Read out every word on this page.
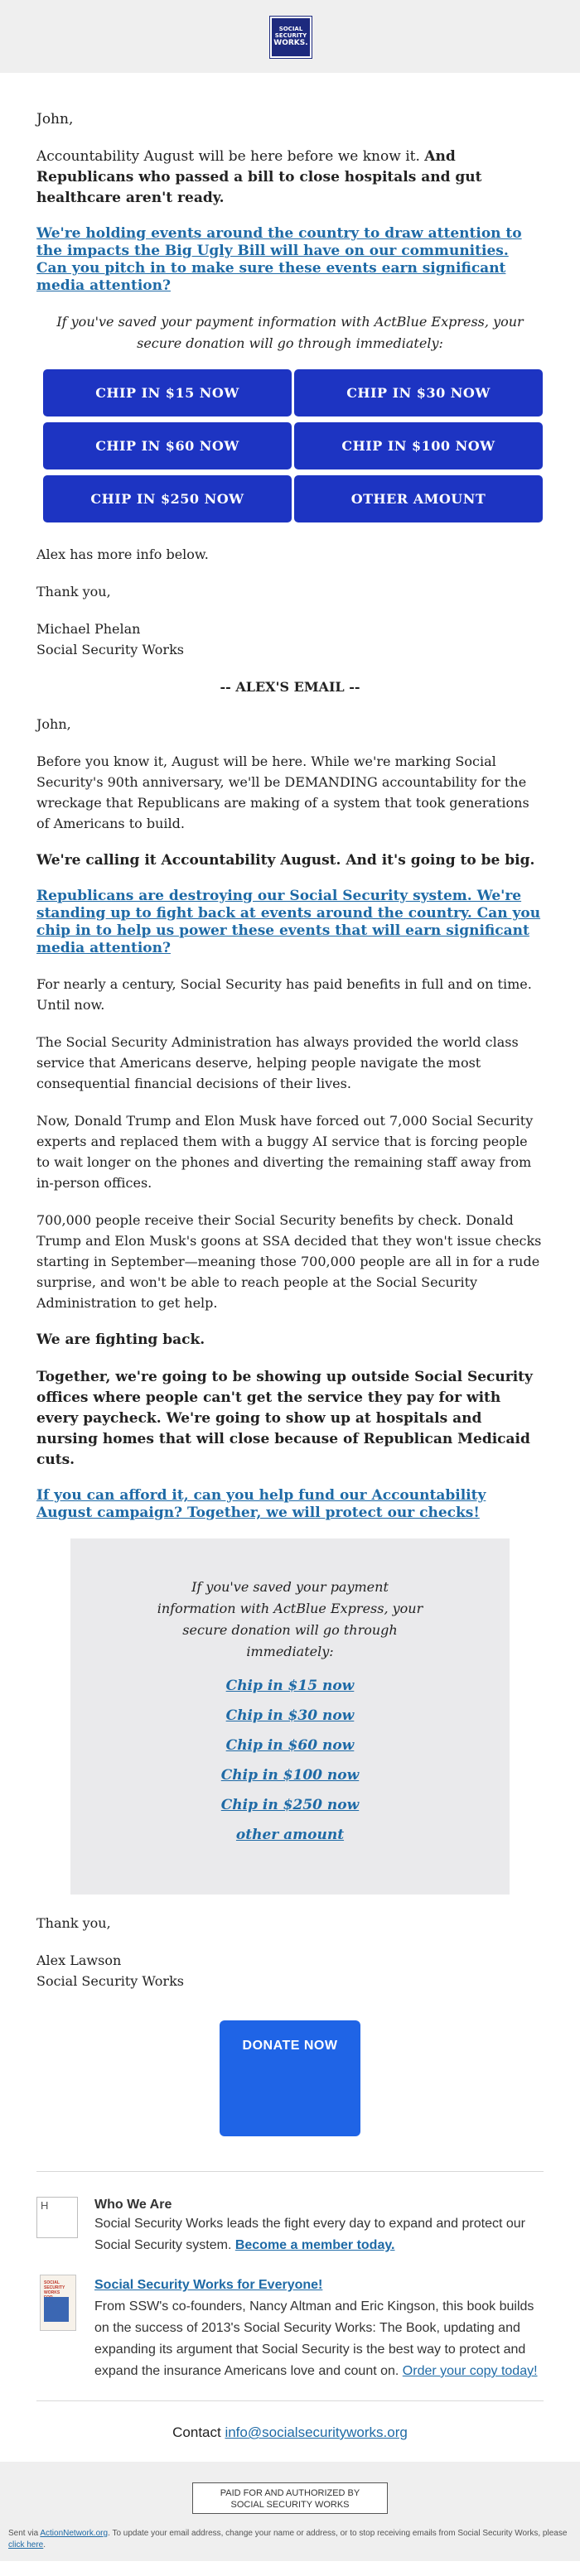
SOCIAL
SECURITY
WORKS.

John,

Accountability August will be here before we know it. And Republicans who passed a bill to close hospitals and gut healthcare aren't ready.

We're holding events around the country to draw attention to the impacts the Big Ugly Bill will have on our communities. Can you pitch in to make sure these events earn significant media attention?

If you've saved your payment information with ActBlue Express, your secure donation will go through immediately:

CHIP IN $15 NOW	CHIP IN $30 NOW
CHIP IN $60 NOW	CHIP IN $100 NOW
CHIP IN $250 NOW	OTHER AMOUNT

Alex has more info below.

Thank you,

Michael Phelan
Social Security Works

-- ALEX'S EMAIL --

John,

Before you know it, August will be here. While we're marking Social Security's 90th anniversary, we'll be DEMANDING accountability for the wreckage that Republicans are making of a system that took generations of Americans to build.

We're calling it Accountability August. And it's going to be big.

Republicans are destroying our Social Security system. We're standing up to fight back at events around the country. Can you chip in to help us power these events that will earn significant media attention?

For nearly a century, Social Security has paid benefits in full and on time. Until now.

The Social Security Administration has always provided the world class service that Americans deserve, helping people navigate the most consequential financial decisions of their lives.

Now, Donald Trump and Elon Musk have forced out 7,000 Social Security experts and replaced them with a buggy AI service that is forcing people to wait longer on the phones and diverting the remaining staff away from in-person offices.

700,000 people receive their Social Security benefits by check. Donald Trump and Elon Musk's goons at SSA decided that they won't issue checks starting in September—meaning those 700,000 people are all in for a rude surprise, and won't be able to reach people at the Social Security Administration to get help.

We are fighting back.

Together, we're going to be showing up outside Social Security offices where people can't get the service they pay for with every paycheck. We're going to show up at hospitals and nursing homes that will close because of Republican Medicaid cuts.

If you can afford it, can you help fund our Accountability August campaign? Together, we will protect our checks!
If you've saved your payment information with ActBlue Express, your secure donation will go through immediately:
Chip in $15 now
Chip in $30 now
Chip in $60 now
Chip in $100 now
Chip in $250 now
other amount

Thank you,

Alex Lawson
Social Security Works
DONATE NOW
H	Who We Are
Social Security Works leads the fight every day to expand and protect our Social Security system. Become a member today.
SOCIAL SECURITY WORKS
Social Security Works for Everyone!
From SSW's co-founders, Nancy Altman and Eric Kingson, this book builds on the success of 2013's Social Security Works: The Book, updating and expanding its argument that Social Security is the best way to protect and expand the insurance Americans love and count on. Order your copy today!
Contact info@socialsecurityworks.org
PAID FOR AND AUTHORIZED BY
SOCIAL SECURITY WORKS
Sent via ActionNetwork.org. To update your email address, change your name or address, or to stop receiving emails from Social Security Works, please click here.
